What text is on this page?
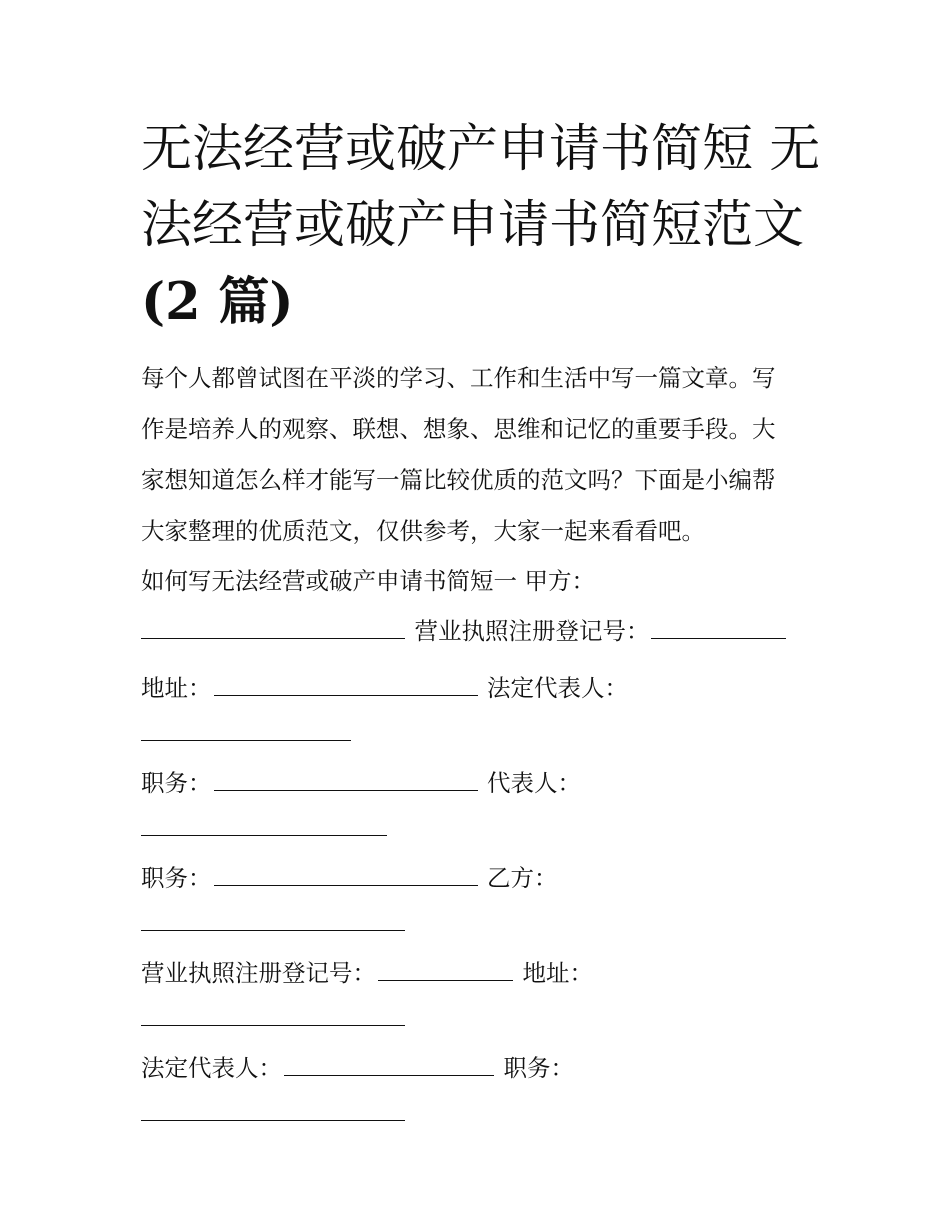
无法经营或破产申请书简短 无
法经营或破产申请书简短范文
(2 篇)
每个人都曾试图在平淡的学习、工作和生活中写一篇文章。写
作是培养人的观察、联想、想象、思维和记忆的重要手段。大
家想知道怎么样才能写一篇比较优质的范文吗？下面是小编帮
大家整理的优质范文，仅供参考，大家一起来看看吧。
如何写无法经营或破产申请书简短一 甲方：
营业执照注册登记号：
地址：	法定代表人：
职务：	代表人：
职务：	乙方：
营业执照注册登记号：	地址：
法定代表人：	职务：
